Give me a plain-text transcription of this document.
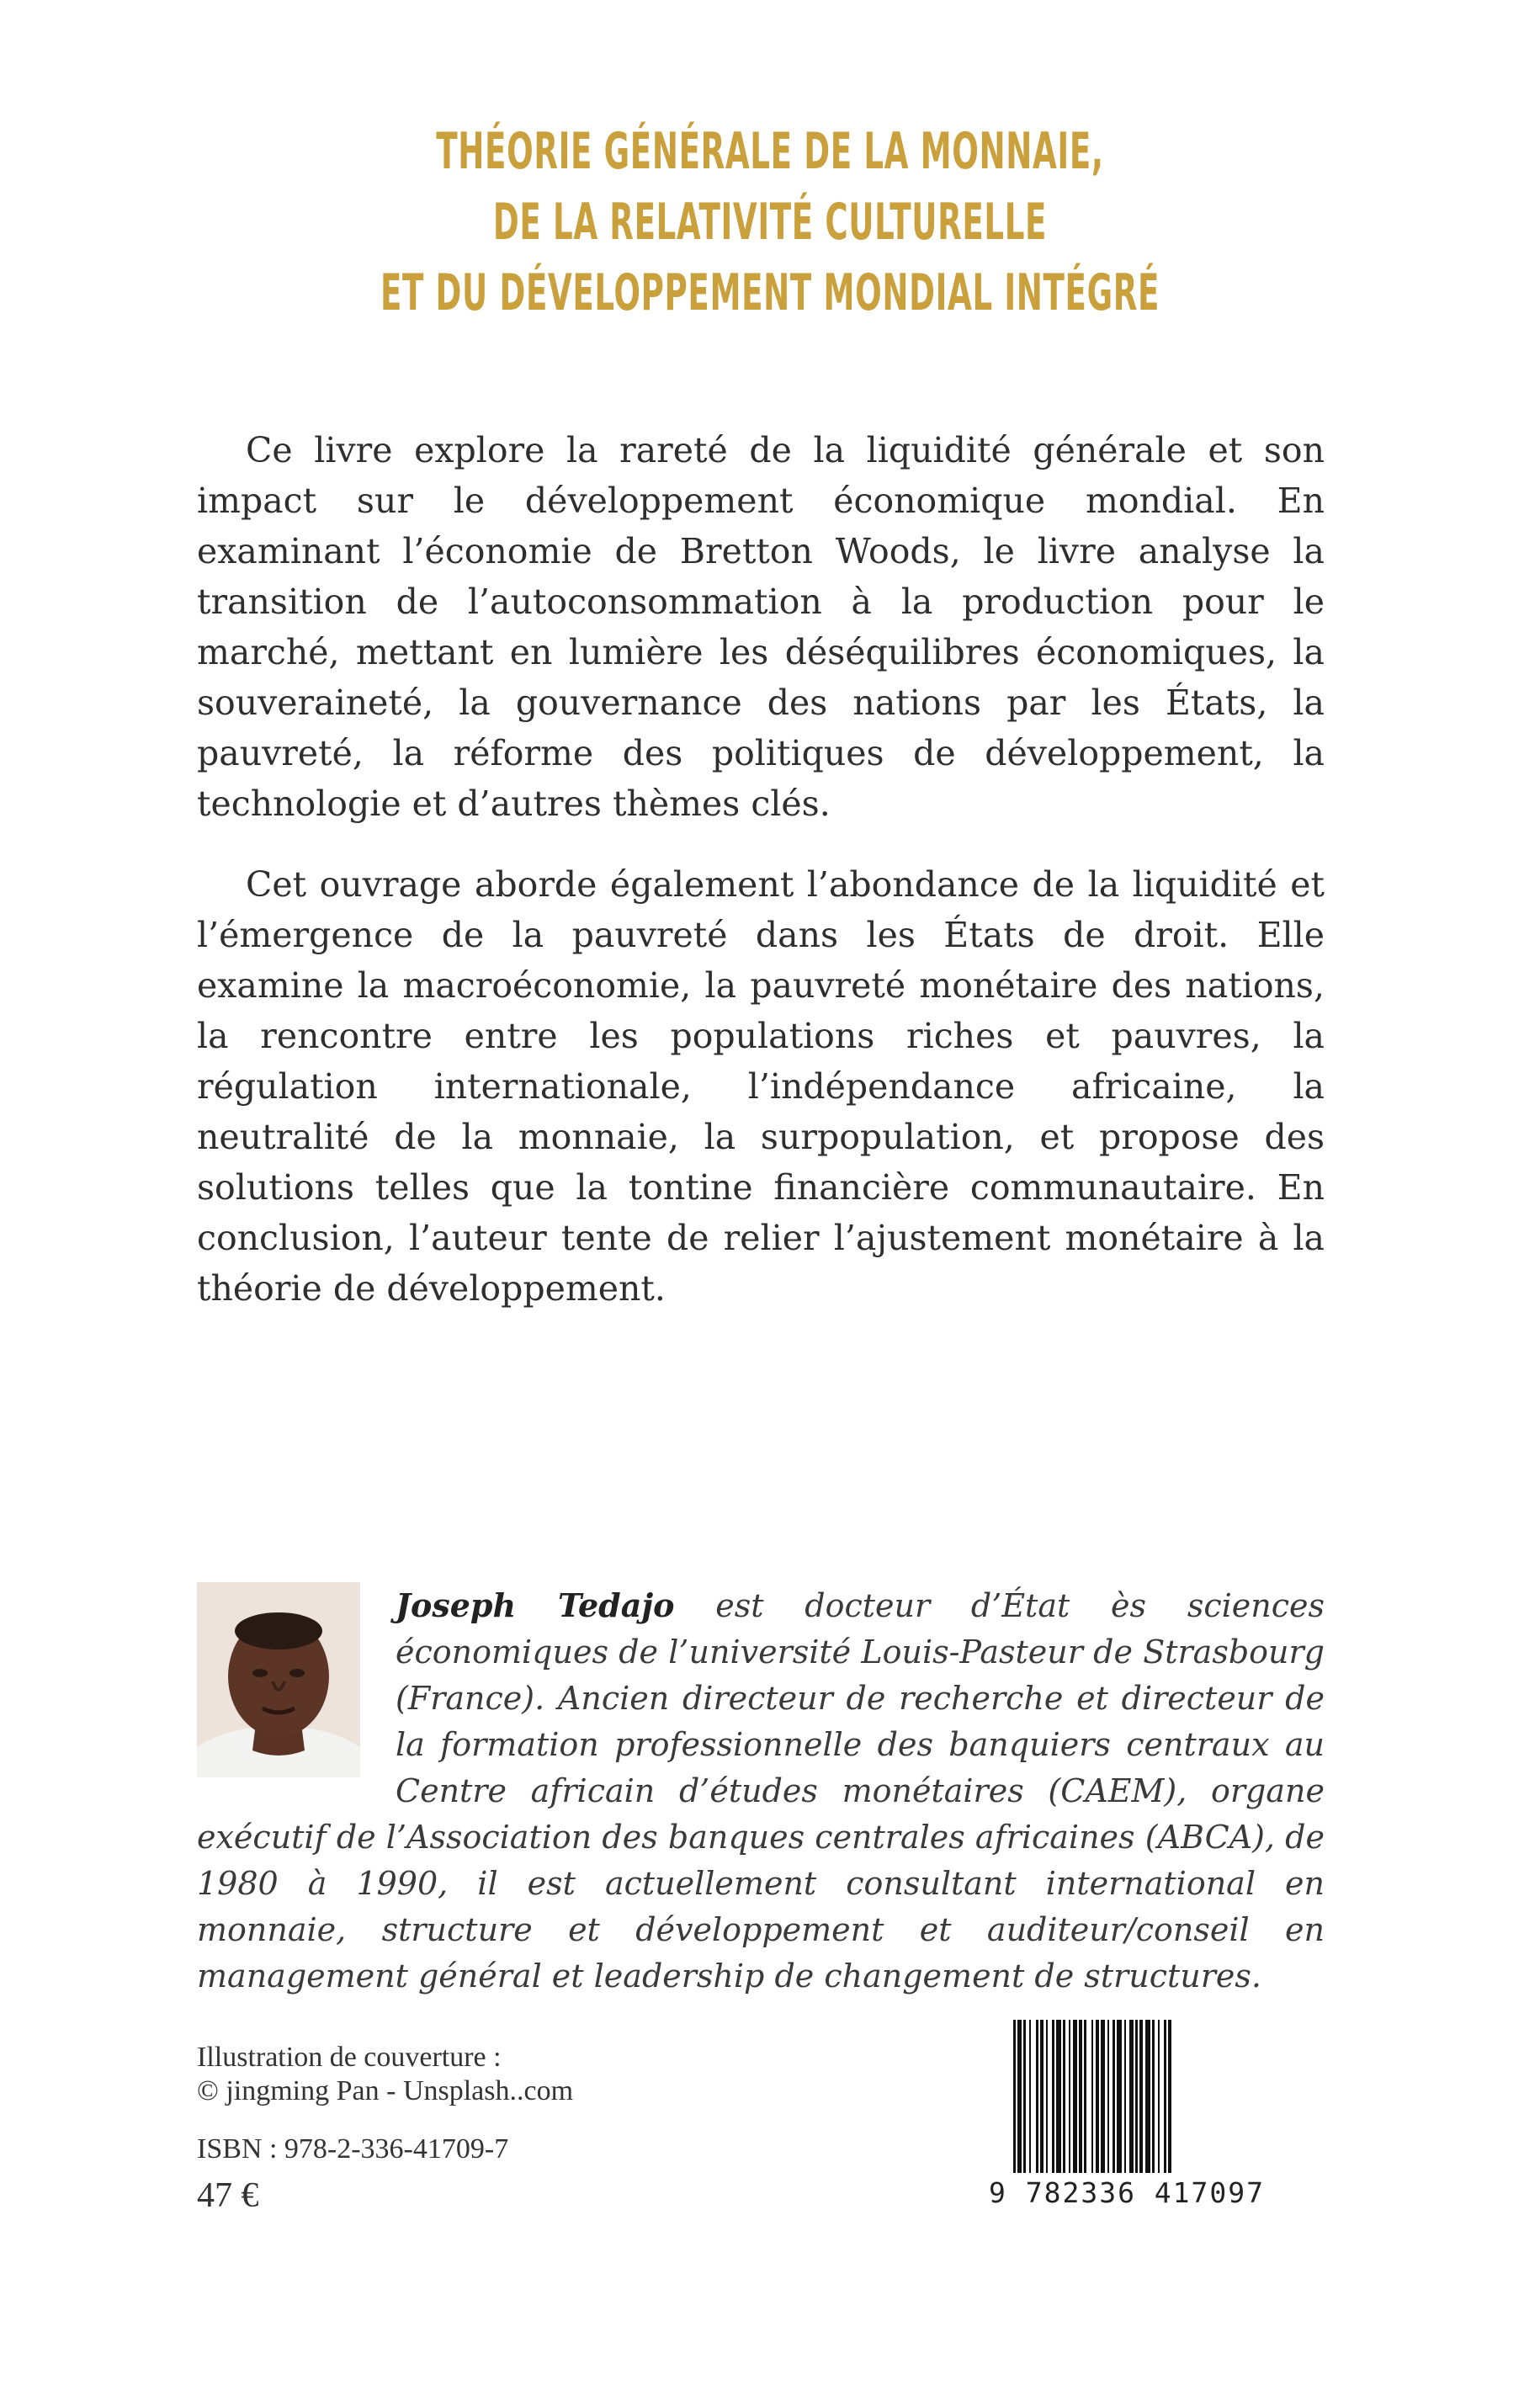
THÉORIE GÉNÉRALE DE LA MONNAIE,
DE LA RELATIVITÉ CULTURELLE
ET DU DÉVELOPPEMENT MONDIAL INTÉGRÉ

Ce livre explore la rareté de la liquidité générale et son impact sur le développement économique mondial. En examinant l’économie de Bretton Woods, le livre analyse la transition de l’autoconsommation à la production pour le marché, mettant en lumière les déséquilibres économiques, la souveraineté, la gouvernance des nations par les États, la pauvreté, la réforme des politiques de développement, la technologie et d’autres thèmes clés.

Cet ouvrage aborde également l’abondance de la liquidité et l’émergence de la pauvreté dans les États de droit. Elle examine la macroéconomie, la pauvreté monétaire des nations, la rencontre entre les populations riches et pauvres, la régulation internationale, l’indépendance africaine, la neutralité de la monnaie, la surpopulation, et propose des solutions telles que la tontine financière communautaire. En conclusion, l’auteur tente de relier l’ajustement monétaire à la théorie de développement.

Joseph Tedajo est docteur d’État ès sciences économiques de l’université Louis-Pasteur de Strasbourg (France). Ancien directeur de recherche et directeur de la formation professionnelle des banquiers centraux au Centre africain d’études monétaires (CAEM), organe exécutif de l’Association des banques centrales africaines (ABCA), de 1980 à 1990, il est actuellement consultant international en monnaie, structure et développement et auditeur/conseil en management général et leadership de changement de structures.
Illustration de couverture :
© jingming Pan - Unsplash..com
ISBN : 978-2-336-41709-7
47 €	9 782336 417097
